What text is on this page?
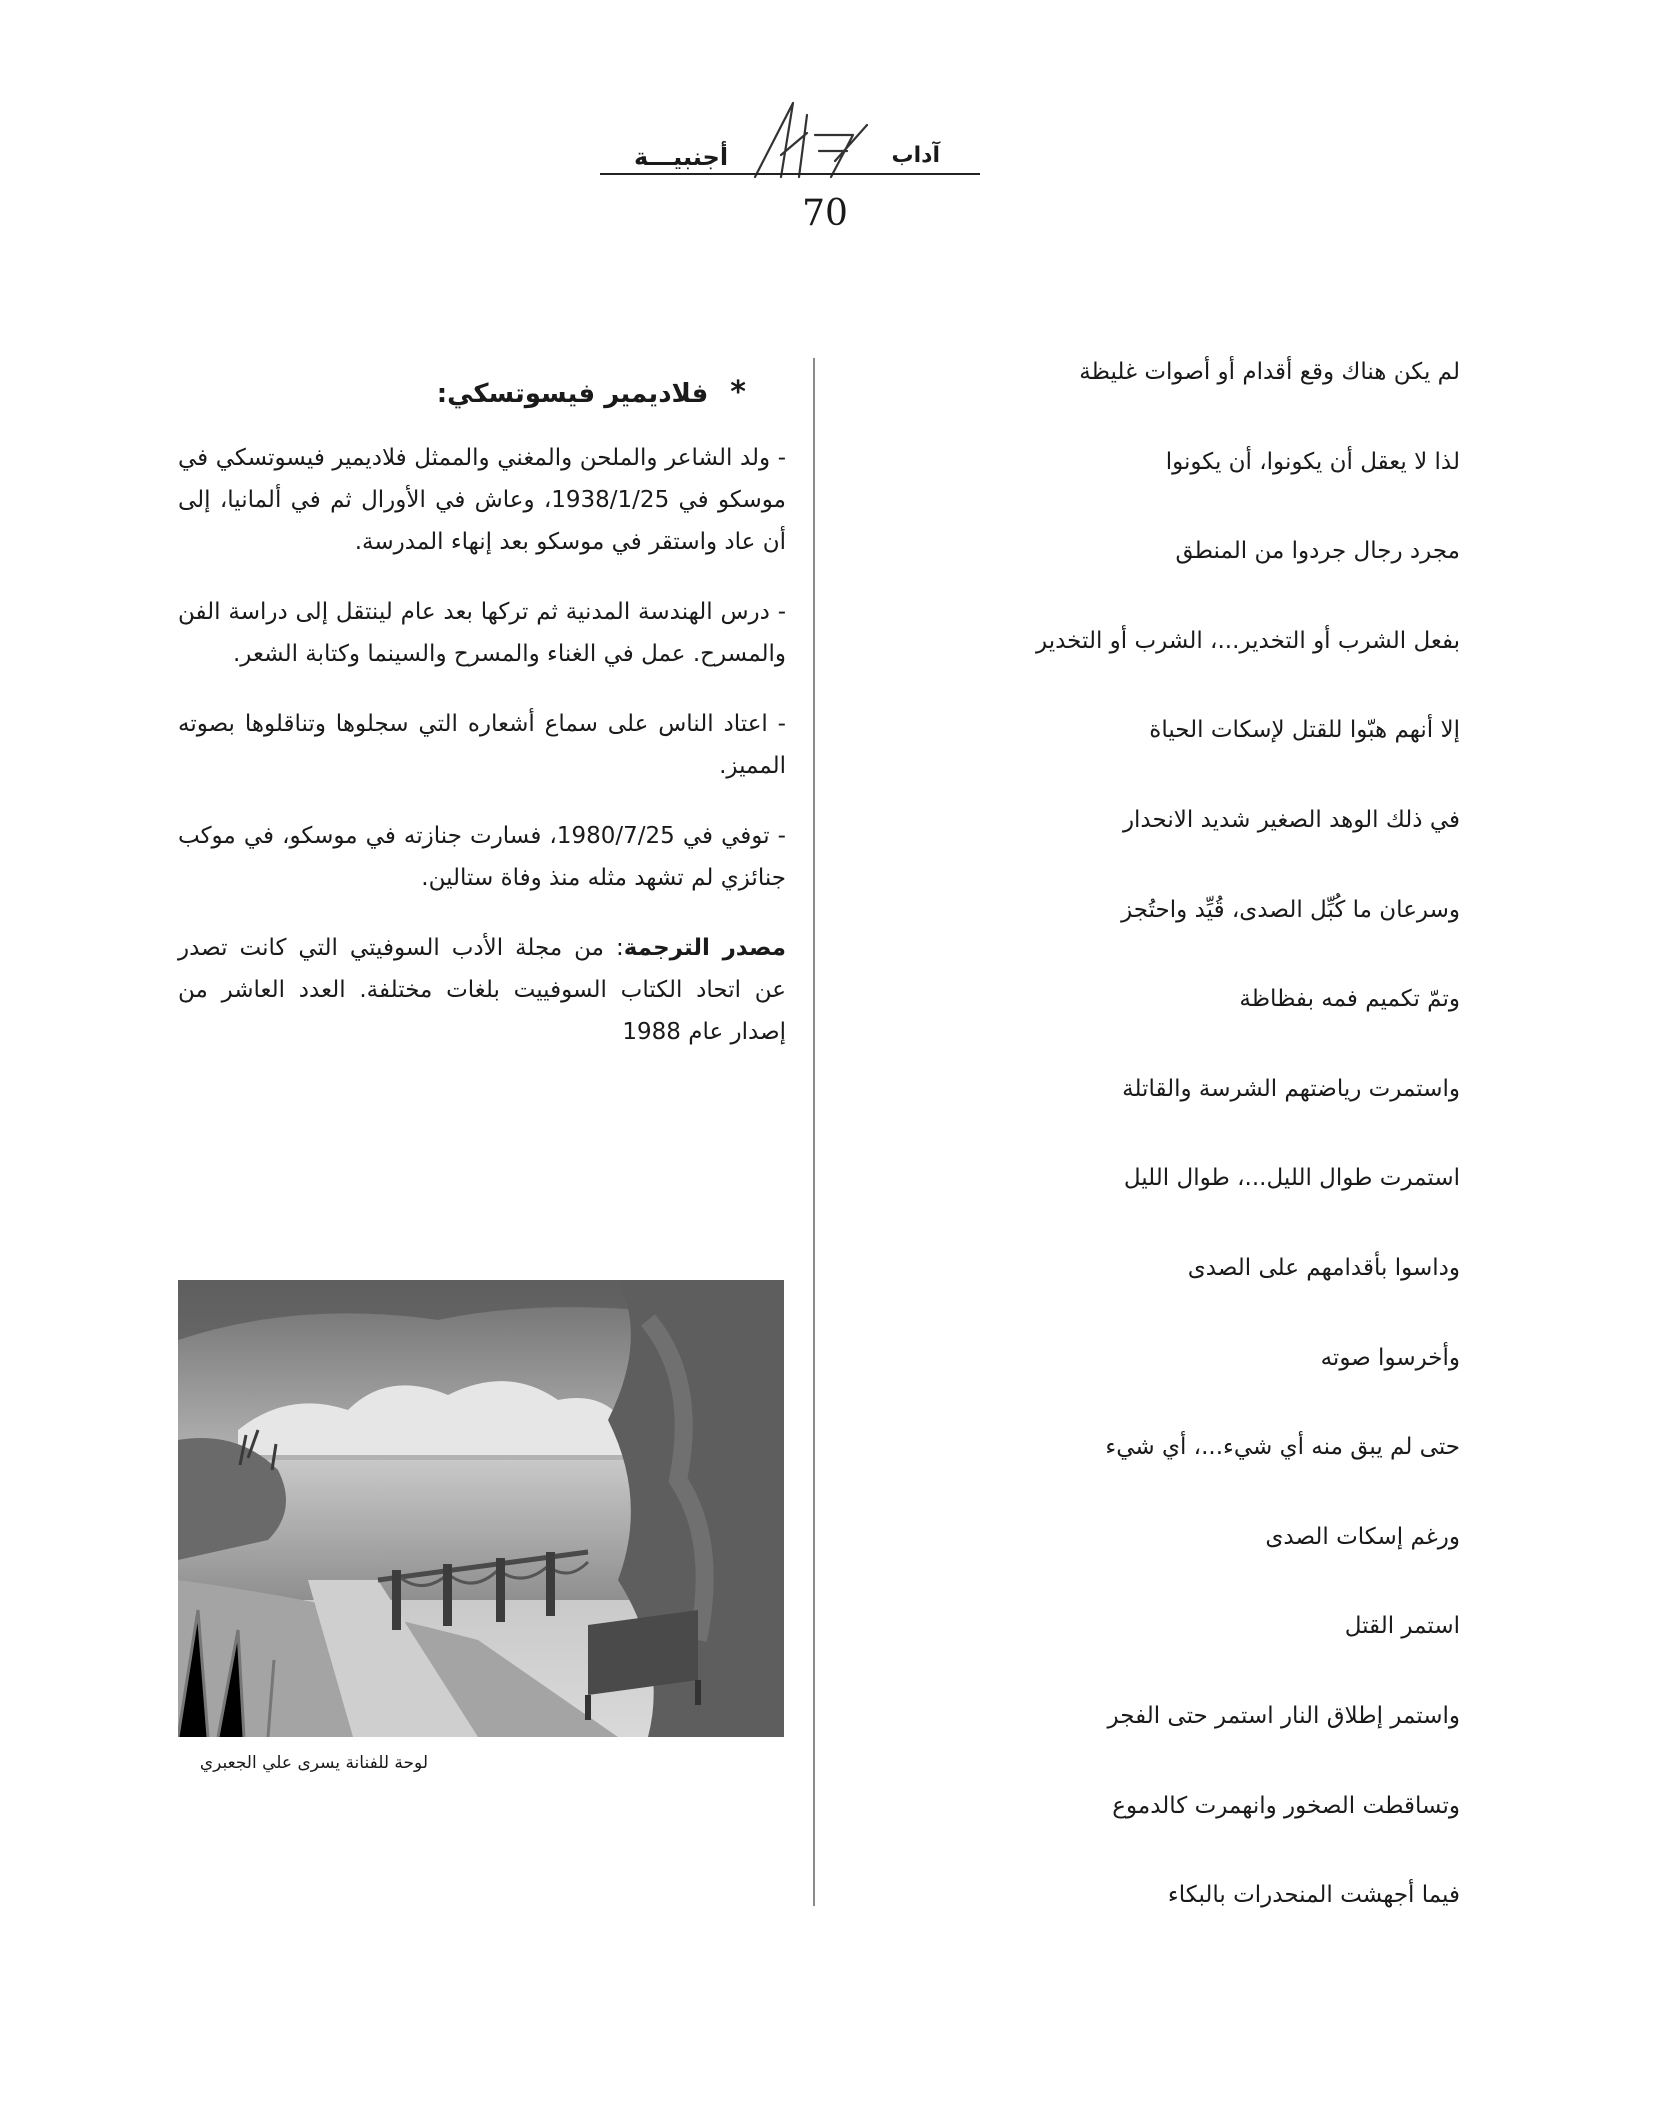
أجنبيـــة	آداب
70
لم يكن هناك وقع أقدام أو أصوات غليظة
لذا لا يعقل أن يكونوا، أن يكونوا
مجرد رجال جردوا من المنطق
بفعل الشرب أو التخدير...، الشرب أو التخدير
إلا أنهم هبّوا للقتل لإسكات الحياة
في ذلك الوهد الصغير شديد الانحدار
وسرعان ما كُبِّل الصدى، قُيِّد واحتُجز
وتمّ تكميم فمه بفظاظة
واستمرت رياضتهم الشرسة والقاتلة
استمرت طوال الليل...، طوال الليل
وداسوا بأقدامهم على الصدى
وأخرسوا صوته
حتى لم يبق منه أي شيء...، أي شيء
ورغم إسكات الصدى
استمر القتل
واستمر إطلاق النار استمر حتى الفجر
وتساقطت الصخور وانهمرت كالدموع
فيما أجهشت المنحدرات بالبكاء
*فلاديمير فيسوتسكي:

- ولد الشاعر والملحن والمغني والممثل فلاديمير فيسوتسكي في موسكو في 1938/1/25، وعاش في الأورال ثم في ألمانيا، إلى أن عاد واستقر في موسكو بعد إنهاء المدرسة.

- درس الهندسة المدنية ثم تركها بعد عام لينتقل إلى دراسة الفن والمسرح. عمل في الغناء والمسرح والسينما وكتابة الشعر.

- اعتاد الناس على سماع أشعاره التي سجلوها وتناقلوها بصوته المميز.

- توفي في 1980/7/25، فسارت جنازته في موسكو، في موكب جنائزي لم تشهد مثله منذ وفاة ستالين.

مصدر الترجمة: من مجلة الأدب السوفيتي التي كانت تصدر عن اتحاد الكتاب السوفييت بلغات مختلفة. العدد العاشر من إصدار عام 1988

لوحة للفنانة يسرى علي الجعبري
